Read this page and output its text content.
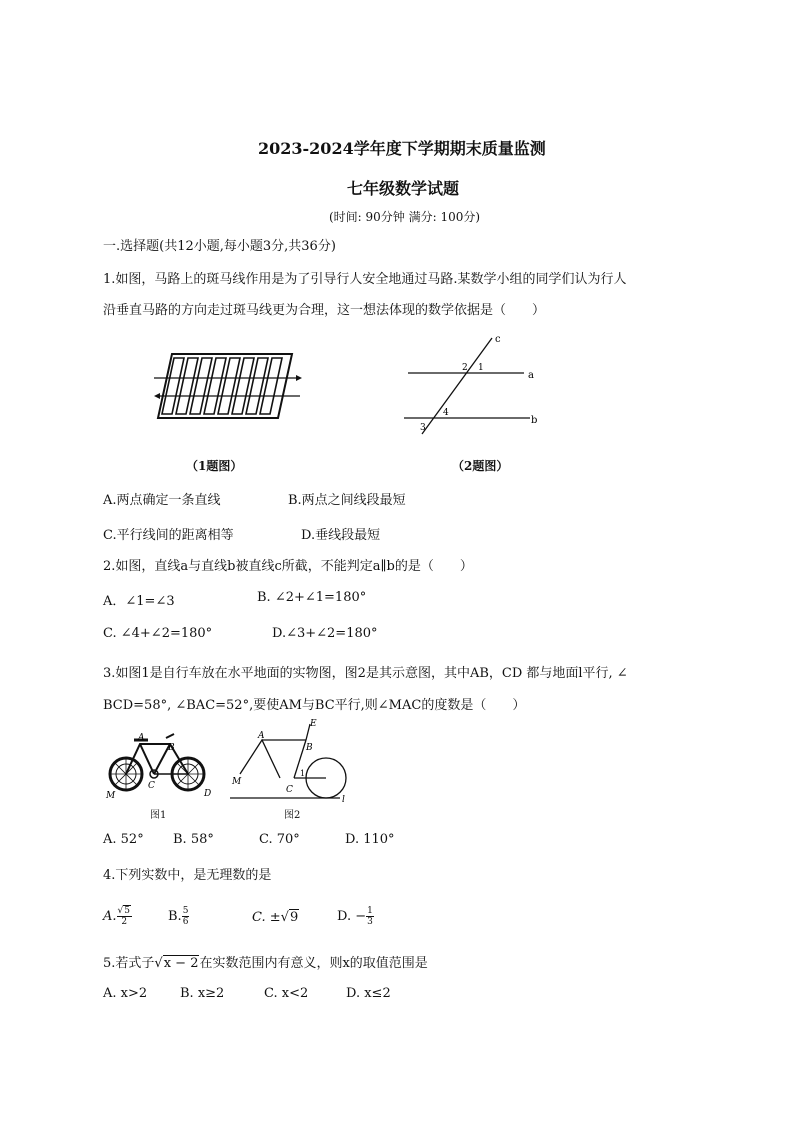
2023-2024学年度下学期期末质量监测
七年级数学试题
(时间: 90分钟 满分: 100分)
一.选择题(共12小题,每小题3分,共36分)
1.如图，马路上的斑马线作用是为了引导行人安全地通过马路.某数学小组的同学们认为行人
沿垂直马路的方向走过斑马线更为合理，这一想法体现的数学依据是（　　）
c
a
b
2 1
4
3
（1题图）	（2题图）
A.两点确定一条直线	B.两点之间线段最短
C.平行线间的距离相等	D.垂线段最短
2.如图，直线a与直线b被直线c所截，不能判定a∥b的是（　　）
A．∠1=∠3	B. ∠2+∠1=180°
C. ∠4+∠2=180°	D.∠3+∠2=180°
3.如图1是自行车放在水平地面的实物图，图2是其示意图，其中AB，CD 都与地面l平行, ∠
BCD=58°, ∠BAC=52°,要使AM与BC平行,则∠MAC的度数是（　　）
M
A
B
C
D
M
A
B
E
C
1
l
图1	图2
A. 52° B. 58°	C. 70°	D. 110°
4.下列实数中，是无理数的是
A. $\frac{√5}{2}$	B. $\frac{5}{6}$	C. ±√9	D. − $\frac{1}{3}$
5.若式子√x − 2在实数范围内有意义，则x的取值范围是
A. x>2	B. x≥2	C. x<2	D. x≤2
